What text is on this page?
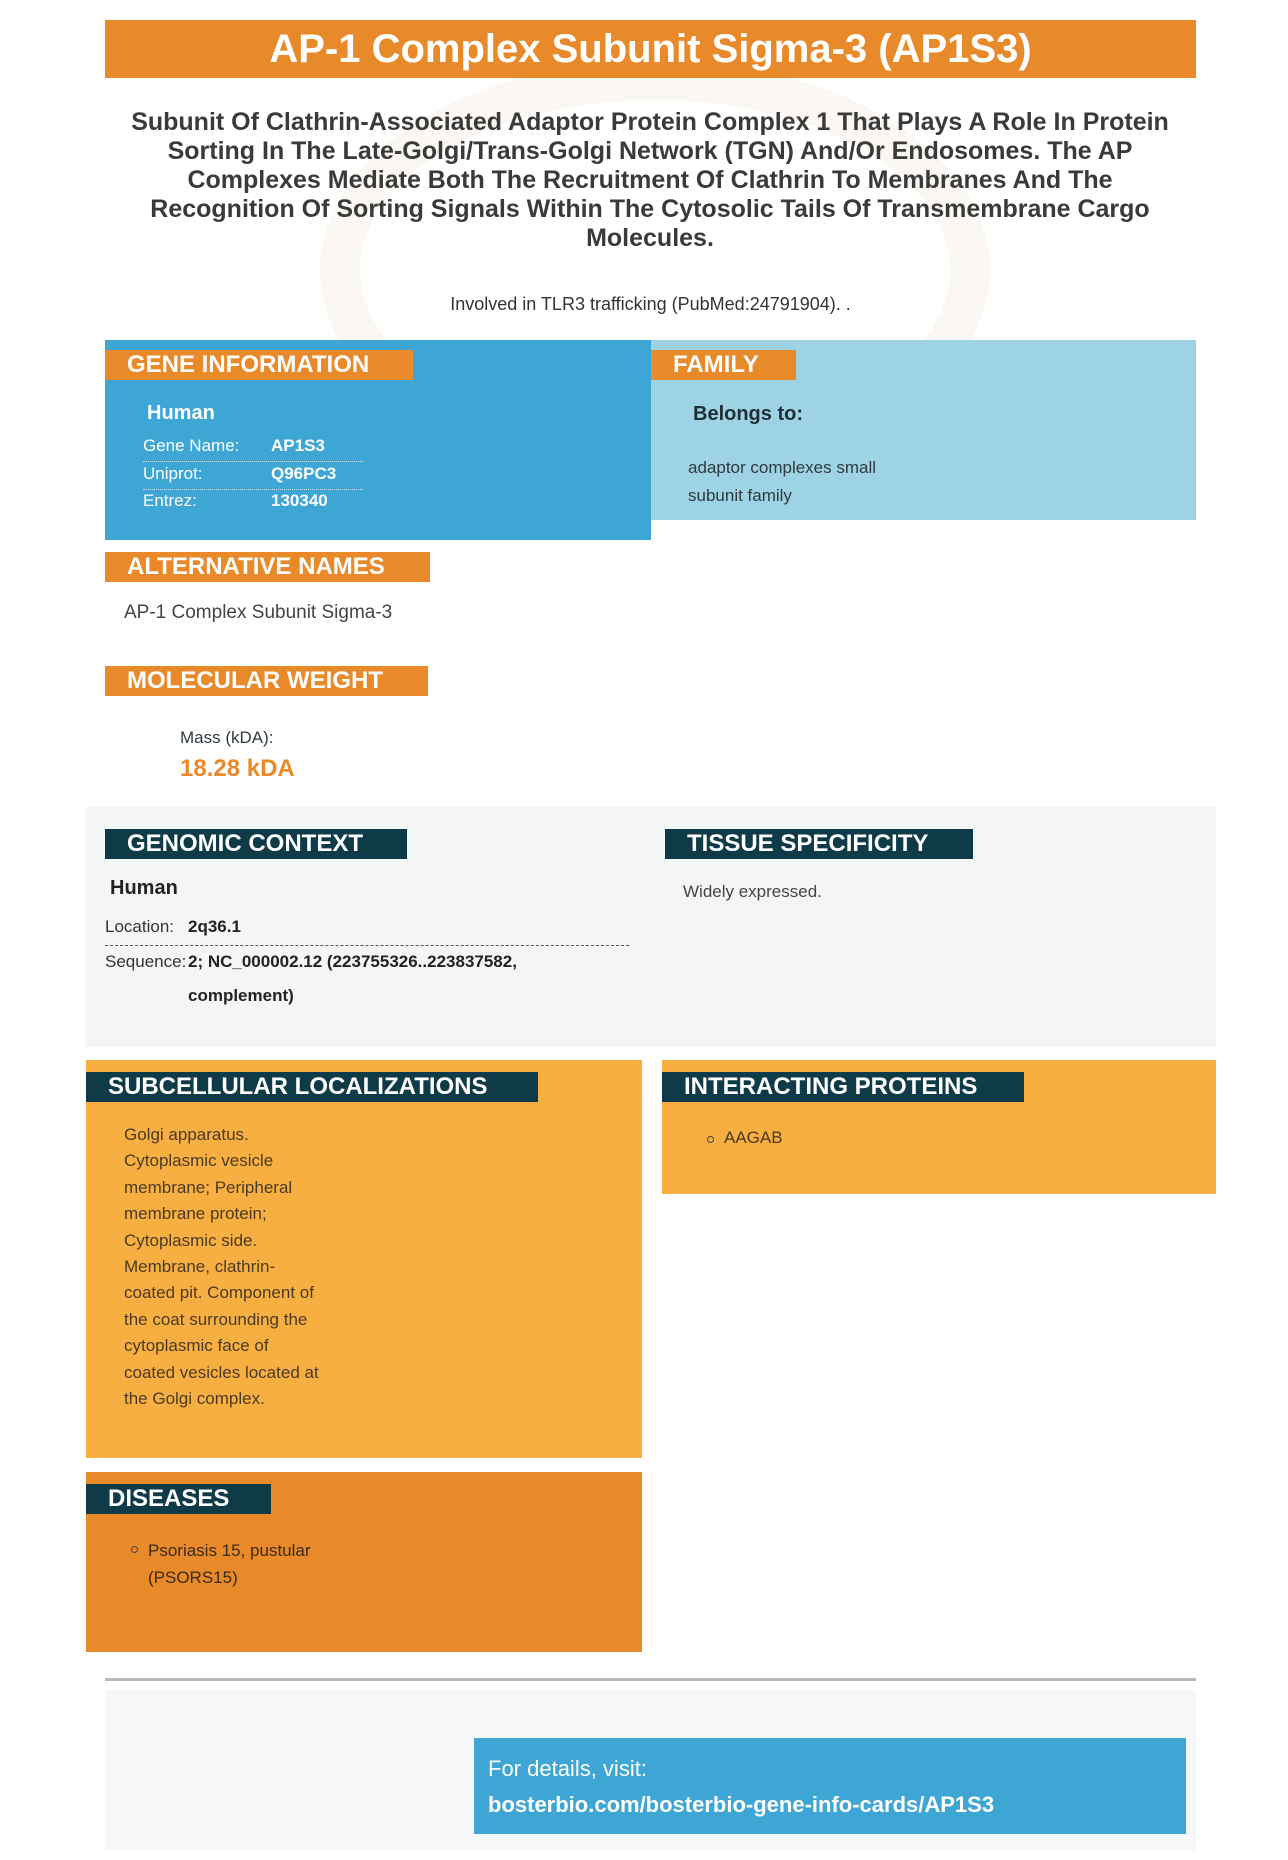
AP-1 Complex Subunit Sigma-3 (AP1S3)
Subunit Of Clathrin-Associated Adaptor Protein Complex 1 That Plays A Role In Protein Sorting In The Late-Golgi/Trans-Golgi Network (TGN) And/Or Endosomes. The AP Complexes Mediate Both The Recruitment Of Clathrin To Membranes And The Recognition Of Sorting Signals Within The Cytosolic Tails Of Transmembrane Cargo Molecules.
Involved in TLR3 trafficking (PubMed:24791904). .
GENE INFORMATION
Human
Gene Name:	AP1S3
Uniprot:	Q96PC3
Entrez:	130340
FAMILY
Belongs to:
adaptor complexes small
subunit family
ALTERNATIVE NAMES
AP-1 Complex Subunit Sigma-3
MOLECULAR WEIGHT
Mass (kDA):
18.28 kDA
GENOMIC CONTEXT
Human
Location: 2q36.1
Sequence: 2; NC_000002.12 (223755326..223837582,
complement)
TISSUE SPECIFICITY
Widely expressed.
SUBCELLULAR LOCALIZATIONS
Golgi apparatus.
Cytoplasmic vesicle
membrane; Peripheral
membrane protein;
Cytoplasmic side.
Membrane, clathrin-
coated pit. Component of
the coat surrounding the
cytoplasmic face of
coated vesicles located at
the Golgi complex.
INTERACTING PROTEINS
AAGAB
DISEASES
Psoriasis 15, pustular
(PSORS15)
For details, visit:
bosterbio.com/bosterbio-gene-info-cards/AP1S3
